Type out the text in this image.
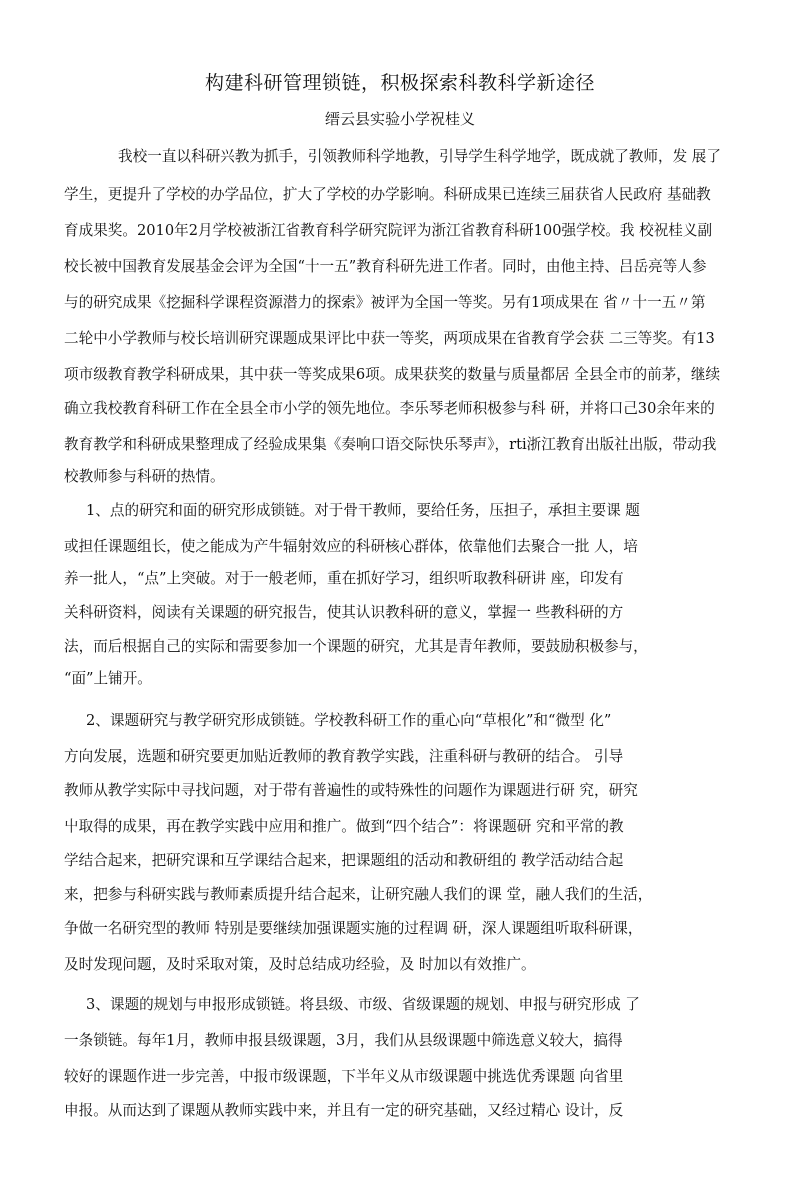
构建科研管理锁链，积极探索科教科学新途径
缙云县实验小学祝桂义
我校一直以科研兴教为抓手，引领教师科学地教，引导学生科学地学，既成就了教师，发 展了
学生，更提升了学校的办学品位，扩大了学校的办学影响。科研成果已连续三届获省人民政府 基础教
育成果奖。2010年2月学校被浙江省教育科学研究院评为浙江省教育科研100强学校。我 校祝桂义副
校长被中国教育发展基金会评为全国“十一五”教育科研先进工作者。同时，由他主持、吕岳亮等人参
与的研究成果《挖掘科学课程资源潜力的探索》被评为全国一等奖。另有1项成果在 省〃十一五〃第
二轮中小学教师与校长培训研究课题成果评比中获一等奖，两项成果在省教育学会获 二三等奖。有13
项市级教育教学科研成果，其中获一等奖成果6项。成果获奖的数量与质量都居 全县全市的前茅，继续
确立我校教育科研工作在全县全市小学的领先地位。李乐琴老师积极参与科 研，并将口己30余年来的
教育教学和科研成果整理成了经验成果集《奏响口语交际快乐琴声》，rti浙江教育出版社出版，带动我
校教师参与科研的热情。
1、点的研究和面的研究形成锁链。对于骨干教师，要给任务，压担子，承担主要课 题
或担任课题组长，使之能成为产牛辐射效应的科研核心群体，依靠他们去聚合一批 人，培
养一批人，“点”上突破。对于一般老师，重在抓好学习，组织听取教科研讲 座，印发有
关科研资料，阅读有关课题的研究报告，使其认识教科研的意义，掌握一 些教科研的方
法，而后根据自己的实际和需要参加一个课题的研究，尤其是青年教师，要鼓励积极参与，
“面”上铺开。
2、课题研究与教学研究形成锁链。学校教科研工作的重心向“草根化”和“微型 化”
方向发展，选题和研究要更加贴近教师的教育教学实践，注重科研与教研的结合。 引导
教师从教学实际中寻找问题，对于带有普遍性的或特殊性的问题作为课题进行研 究，研究
屮取得的成果，再在教学实践中应用和推广。做到“四个结合”：将课题研 究和平常的教
学结合起来，把研究课和互学课结合起来，把课题组的活动和教研组的 教学活动结合起
来，把参与科研实践与教师素质提升结合起来，让研究融人我们的课 堂，融人我们的生活，
争做一名研究型的教师 特别是要继续加强课题实施的过程调 研，深人课题组听取科研课，
及时发现问题，及时采取对策，及时总结成功经验，及 时加以有效推广。
3、课题的规划与申报形成锁链。将县级、市级、省级课题的规划、申报与研究形成 了
一条锁链。每年1月，教师申报县级课题，3月，我们从县级课题中筛选意义较大，搞得
较好的课题作进一步完善，中报市级课题，下半年义从市级课题中挑选优秀课题 向省里
申报。从而达到了课题从教师实践中来，并且有一定的研究基础，又经过精心 设计，反
